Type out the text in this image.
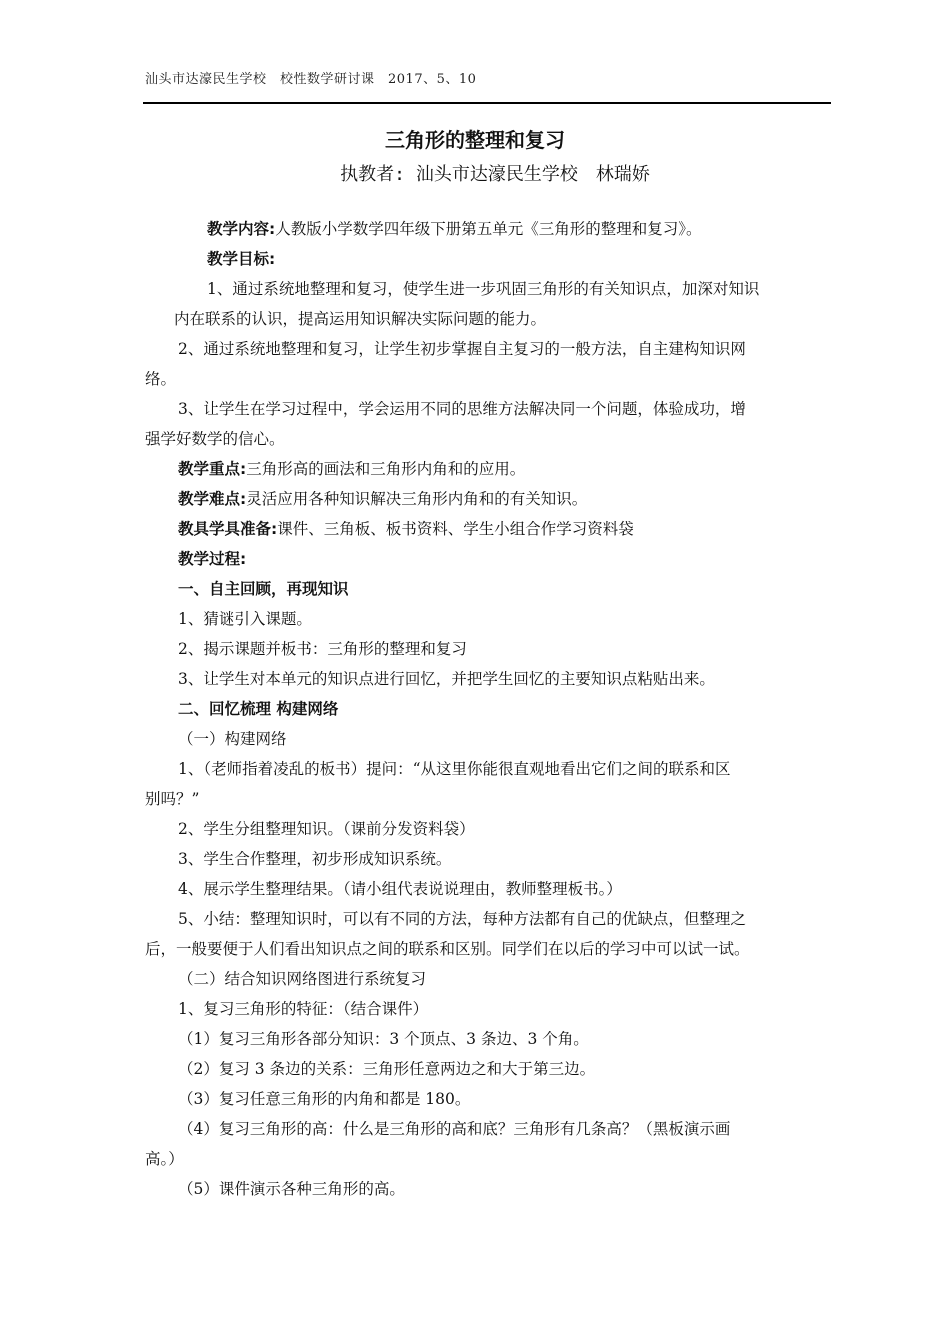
汕头市达濠民生学校　校性数学研讨课　2017、5、10
三角形的整理和复习
执教者: 汕头市达濠民生学校　林瑞娇
教学内容:人教版小学数学四年级下册第五单元《三角形的整理和复习》。
教学目标:
1、通过系统地整理和复习，使学生进一步巩固三角形的有关知识点，加深对知识
内在联系的认识，提高运用知识解决实际问题的能力。
2、通过系统地整理和复习，让学生初步掌握自主复习的一般方法，自主建构知识网
络。
3、让学生在学习过程中，学会运用不同的思维方法解决同一个问题，体验成功，增
强学好数学的信心。
教学重点:三角形高的画法和三角形内角和的应用。
教学难点:灵活应用各种知识解决三角形内角和的有关知识。
教具学具准备:课件、三角板、板书资料、学生小组合作学习资料袋
教学过程:
一、自主回顾，再现知识
1、猜谜引入课题。
2、揭示课题并板书：三角形的整理和复习
3、让学生对本单元的知识点进行回忆，并把学生回忆的主要知识点粘贴出来。
二、回忆梳理 构建网络
（一）构建网络
1、（老师指着凌乱的板书）提问：“从这里你能很直观地看出它们之间的联系和区
别吗？”
2、学生分组整理知识。（课前分发资料袋）
3、学生合作整理，初步形成知识系统。
4、展示学生整理结果。（请小组代表说说理由，教师整理板书。）
5、小结：整理知识时，可以有不同的方法，每种方法都有自己的优缺点，但整理之
后，一般要便于人们看出知识点之间的联系和区别。同学们在以后的学习中可以试一试。
（二）结合知识网络图进行系统复习
1、复习三角形的特征：（结合课件）
（1）复习三角形各部分知识：3 个顶点、3 条边、3 个角。
（2）复习 3 条边的关系：三角形任意两边之和大于第三边。
（3）复习任意三角形的内角和都是 180。
（4）复习三角形的高：什么是三角形的高和底？三角形有几条高？（黑板演示画
高。）
（5）课件演示各种三角形的高。
